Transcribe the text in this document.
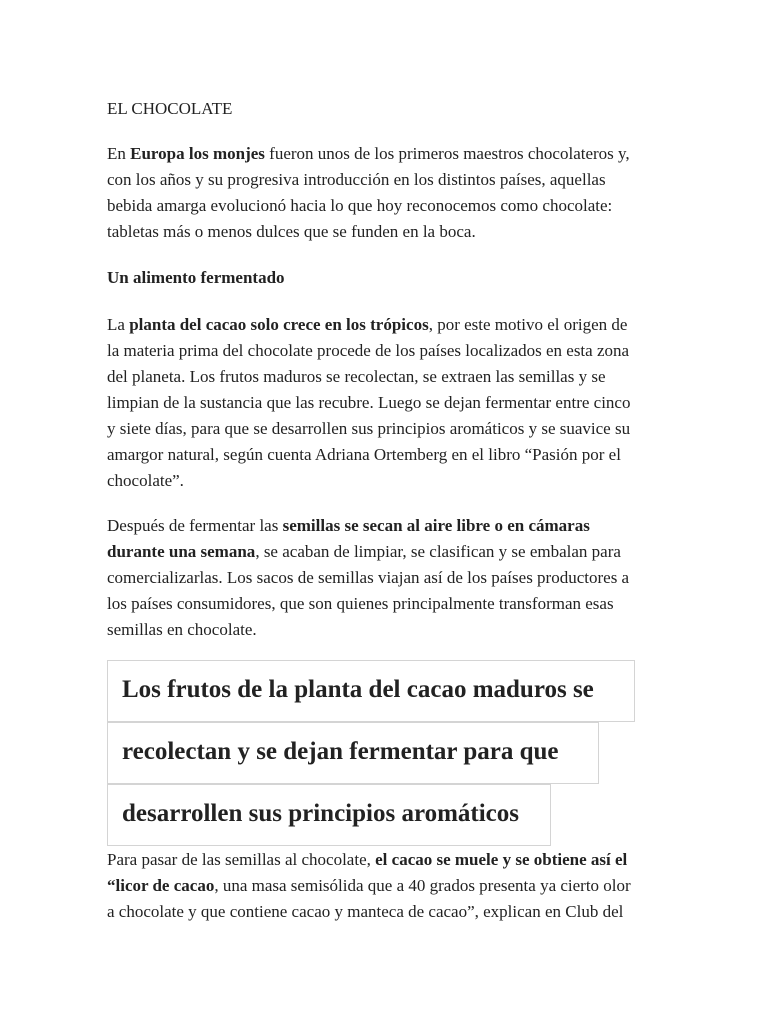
EL CHOCOLATE
En Europa los monjes fueron unos de los primeros maestros chocolateros y,
con los años y su progresiva introducción en los distintos países, aquellas
bebida amarga evolucionó hacia lo que hoy reconocemos como chocolate:
tabletas más o menos dulces que se funden en la boca.
Un alimento fermentado
La planta del cacao solo crece en los trópicos, por este motivo el origen de
la materia prima del chocolate procede de los países localizados en esta zona
del planeta. Los frutos maduros se recolectan, se extraen las semillas y se
limpian de la sustancia que las recubre. Luego se dejan fermentar entre cinco
y siete días, para que se desarrollen sus principios aromáticos y se suavice su
amargor natural, según cuenta Adriana Ortemberg en el libro “Pasión por el
chocolate”.
Después de fermentar las semillas se secan al aire libre o en cámaras
durante una semana, se acaban de limpiar, se clasifican y se embalan para
comercializarlas. Los sacos de semillas viajan así de los países productores a
los países consumidores, que son quienes principalmente transforman esas
semillas en chocolate.
Los frutos de la planta del cacao maduros se
recolectan y se dejan fermentar para que
desarrollen sus principios aromáticos
Para pasar de las semillas al chocolate, el cacao se muele y se obtiene así el
“licor de cacao, una masa semisólida que a 40 grados presenta ya cierto olor
a chocolate y que contiene cacao y manteca de cacao”, explican en Club del
